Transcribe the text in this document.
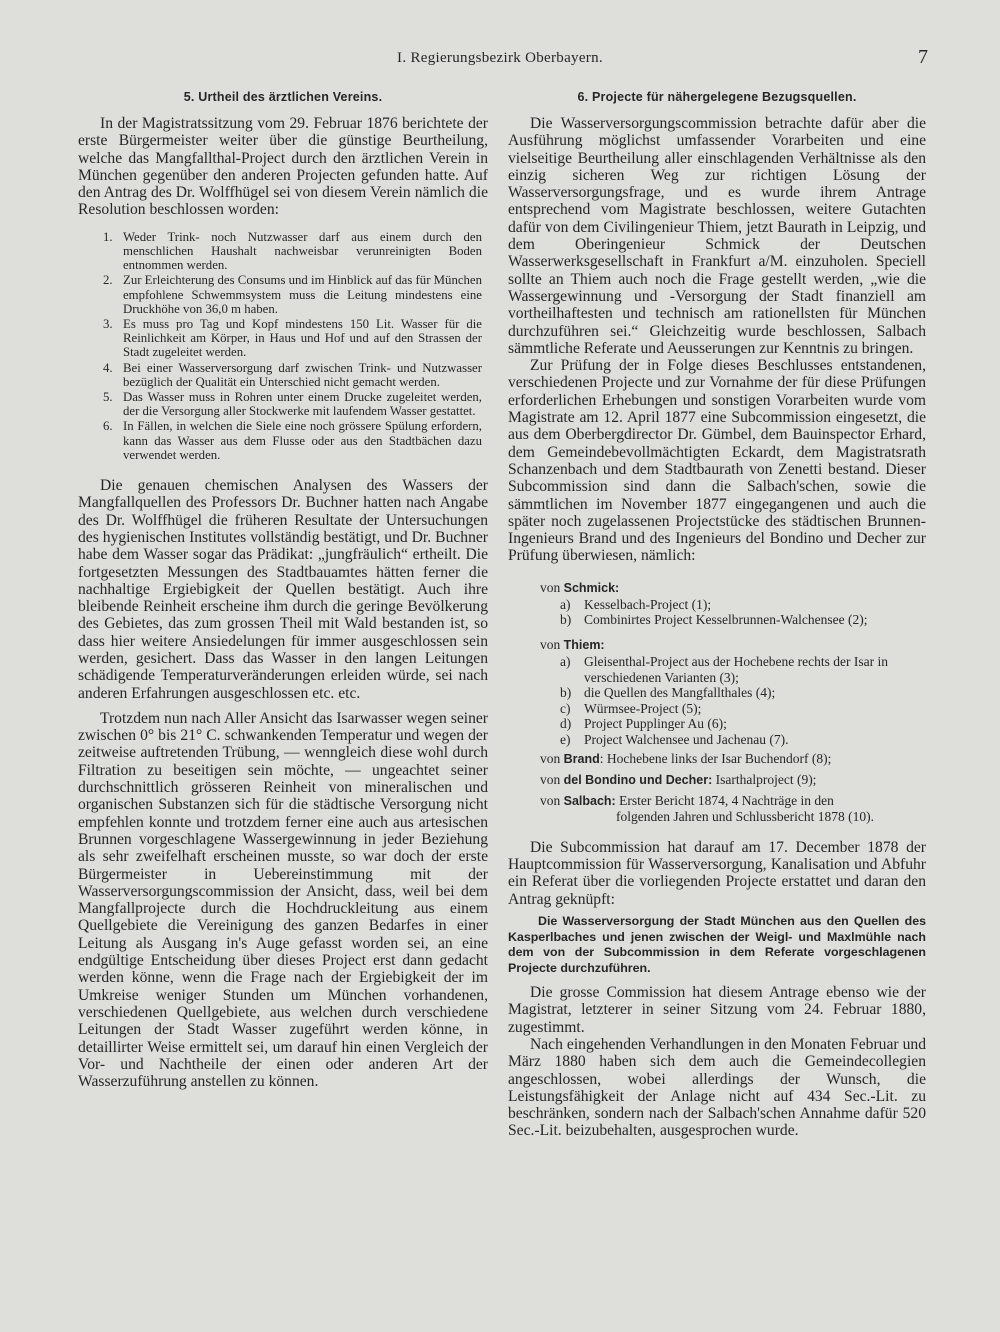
I. Regierungsbezirk Oberbayern.	7
5. Urtheil des ärztlichen Vereins.

In der Magistratssitzung vom 29. Februar 1876 berichtete der erste Bürgermeister weiter über die günstige Beurtheilung, welche das Mangfallthal-Project durch den ärztlichen Verein in München gegenüber den anderen Projecten gefunden hatte. Auf den Antrag des Dr. Wolffhügel sei von diesem Verein nämlich die Resolution beschlossen worden:

1. Weder Trink- noch Nutzwasser darf aus einem durch den menschlichen Haushalt nachweisbar verunreinigten Boden entnommen werden.
2. Zur Erleichterung des Consums und im Hinblick auf das für München empfohlene Schwemmsystem muss die Leitung mindestens eine Druckhöhe von 36,0 m haben.
3. Es muss pro Tag und Kopf mindestens 150 Lit. Wasser für die Reinlichkeit am Körper, in Haus und Hof und auf den Strassen der Stadt zugeleitet werden.
4. Bei einer Wasserversorgung darf zwischen Trink- und Nutzwasser bezüglich der Qualität ein Unterschied nicht gemacht werden.
5. Das Wasser muss in Rohren unter einem Drucke zugeleitet werden, der die Versorgung aller Stockwerke mit laufendem Wasser gestattet.
6. In Fällen, in welchen die Siele eine noch grössere Spülung erfordern, kann das Wasser aus dem Flusse oder aus den Stadtbächen dazu verwendet werden.

Die genauen chemischen Analysen des Wassers der Mangfallquellen des Professors Dr. Buchner hatten nach Angabe des Dr. Wolffhügel die früheren Resultate der Untersuchungen des hygienischen Institutes vollständig bestätigt, und Dr. Buchner habe dem Wasser sogar das Prädikat: „jungfräulich“ ertheilt. Die fortgesetzten Messungen des Stadtbauamtes hätten ferner die nachhaltige Ergiebigkeit der Quellen bestätigt. Auch ihre bleibende Reinheit erscheine ihm durch die geringe Bevölkerung des Gebietes, das zum grossen Theil mit Wald bestanden ist, so dass hier weitere Ansiedelungen für immer ausgeschlossen sein werden, gesichert. Dass das Wasser in den langen Leitungen schädigende Temperaturveränderungen erleiden würde, sei nach anderen Erfahrungen ausgeschlossen etc. etc.

Trotzdem nun nach Aller Ansicht das Isarwasser wegen seiner zwischen 0° bis 21° C. schwankenden Temperatur und wegen der zeitweise auftretenden Trübung, — wenngleich diese wohl durch Filtration zu beseitigen sein möchte, — ungeachtet seiner durchschnittlich grösseren Reinheit von mineralischen und organischen Substanzen sich für die städtische Versorgung nicht empfehlen konnte und trotzdem ferner eine auch aus artesischen Brunnen vorgeschlagene Wassergewinnung in jeder Beziehung als sehr zweifelhaft erscheinen musste, so war doch der erste Bürgermeister in Uebereinstimmung mit der Wasserversorgungscommission der Ansicht, dass, weil bei dem Mangfallprojecte durch die Hochdruckleitung aus einem Quellgebiete die Vereinigung des ganzen Bedarfes in einer Leitung als Ausgang in's Auge gefasst worden sei, an eine endgültige Entscheidung über dieses Project erst dann gedacht werden könne, wenn die Frage nach der Ergiebigkeit der im Umkreise weniger Stunden um München vorhandenen, verschiedenen Quellgebiete, aus welchen durch verschiedene Leitungen der Stadt Wasser zugeführt werden könne, in detaillirter Weise ermittelt sei, um darauf hin einen Vergleich der Vor- und Nachtheile der einen oder anderen Art der Wasserzuführung anstellen zu können.

6. Projecte für nähergelegene Bezugsquellen.

Die Wasserversorgungscommission betrachte dafür aber die Ausführung möglichst umfassender Vorarbeiten und eine vielseitige Beurtheilung aller einschlagenden Verhältnisse als den einzig sicheren Weg zur richtigen Lösung der Wasserversorgungsfrage, und es wurde ihrem Antrage entsprechend vom Magistrate beschlossen, weitere Gutachten dafür von dem Civilingenieur Thiem, jetzt Baurath in Leipzig, und dem Oberingenieur Schmick der Deutschen Wasserwerksgesellschaft in Frankfurt a/M. einzuholen. Speciell sollte an Thiem auch noch die Frage gestellt werden, „wie die Wassergewinnung und -Versorgung der Stadt finanziell am vortheilhaftesten und technisch am rationellsten für München durchzuführen sei.“ Gleichzeitig wurde beschlossen, Salbach sämmtliche Referate und Aeusserungen zur Kenntnis zu bringen.

Zur Prüfung der in Folge dieses Beschlusses entstandenen, verschiedenen Projecte und zur Vornahme der für diese Prüfungen erforderlichen Erhebungen und sonstigen Vorarbeiten wurde vom Magistrate am 12. April 1877 eine Subcommission eingesetzt, die aus dem Oberbergdirector Dr. Gümbel, dem Bauinspector Erhard, dem Gemeindebevollmächtigten Eckardt, dem Magistratsrath Schanzenbach und dem Stadtbaurath von Zenetti bestand. Dieser Subcommission sind dann die Salbach'schen, sowie die sämmtlichen im November 1877 eingegangenen und auch die später noch zugelassenen Projectstücke des städtischen Brunnen-Ingenieurs Brand und des Ingenieurs del Bondino und Decher zur Prüfung überwiesen, nämlich:

von Schmick:
a) Kesselbach-Project (1);
b) Combinirtes Project Kesselbrunnen-Walchensee (2);
von Thiem:
a) Gleisenthal-Project aus der Hochebene rechts der Isar in verschiedenen Varianten (3);
b) die Quellen des Mangfallthales (4);
c) Würmsee-Project (5);
d) Project Pupplinger Au (6);
e) Project Walchensee und Jachenau (7).
von Brand: Hochebene links der Isar Buchendorf (8);
von del Bondino und Decher: Isarthalproject (9);
von Salbach: Erster Bericht 1874, 4 Nachträge in den
folgenden Jahren und Schlussbericht 1878 (10).

Die Subcommission hat darauf am 17. December 1878 der Hauptcommission für Wasserversorgung, Kanalisation und Abfuhr ein Referat über die vorliegenden Projecte erstattet und daran den Antrag geknüpft:

Die Wasserversorgung der Stadt München aus den Quellen des Kasperlbaches und jenen zwischen der Weigl- und Maxlmühle nach dem von der Subcommission in dem Referate vorgeschlagenen Projecte durchzuführen.

Die grosse Commission hat diesem Antrage ebenso wie der Magistrat, letzterer in seiner Sitzung vom 24. Februar 1880, zugestimmt.

Nach eingehenden Verhandlungen in den Monaten Februar und März 1880 haben sich dem auch die Gemeindecollegien angeschlossen, wobei allerdings der Wunsch, die Leistungsfähigkeit der Anlage nicht auf 434 Sec.-Lit. zu beschränken, sondern nach der Salbach'schen Annahme dafür 520 Sec.-Lit. beizubehalten, ausgesprochen wurde.
